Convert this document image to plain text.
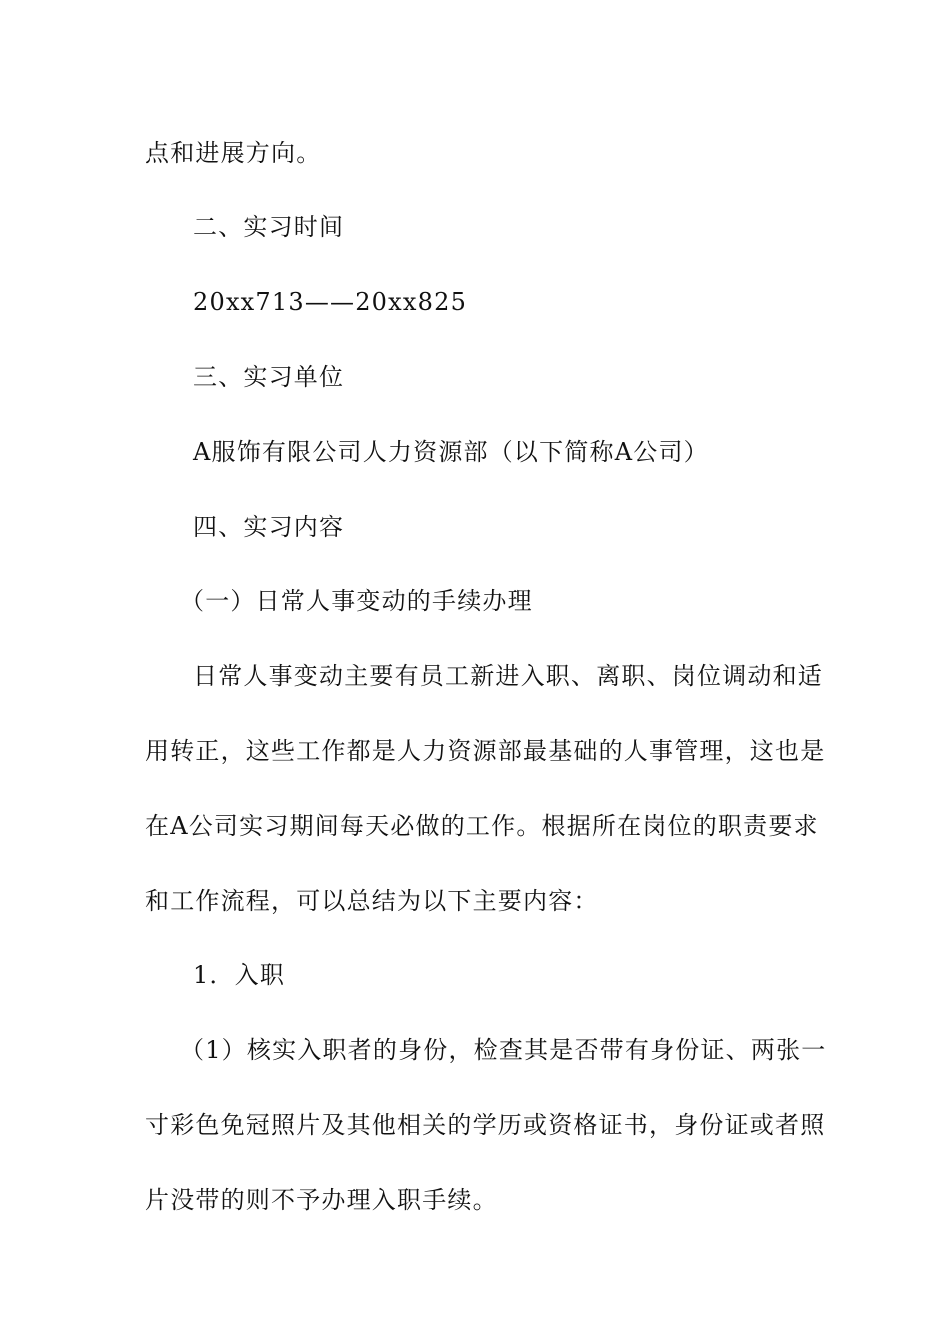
点和进展方向。
二、实习时间
20xx713——20xx825
三、实习单位
A服饰有限公司人力资源部（以下简称A公司）
四、实习内容
（一）日常人事变动的手续办理
日常人事变动主要有员工新进入职、离职、岗位调动和适
用转正，这些工作都是人力资源部最基础的人事管理，这也是
在A公司实习期间每天必做的工作。根据所在岗位的职责要求
和工作流程，可以总结为以下主要内容：
1．入职
（1）核实入职者的身份，检查其是否带有身份证、两张一
寸彩色免冠照片及其他相关的学历或资格证书，身份证或者照
片没带的则不予办理入职手续。
